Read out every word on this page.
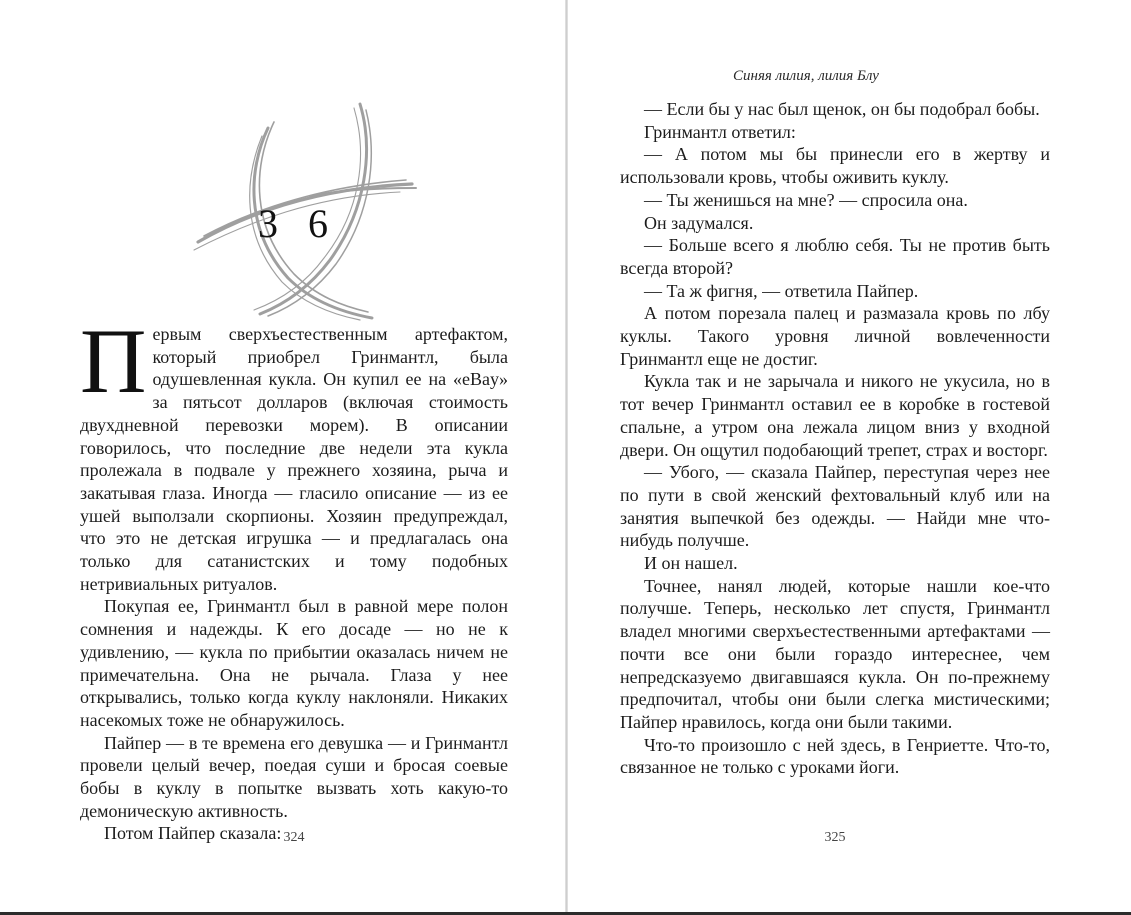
3 6

Первым сверхъестественным артефактом, который приобрел Гринмантл, была одушевленная кукла. Он купил ее на «eBay» за пятьсот долларов (включая стоимость двухдневной перевозки морем). В описании говорилось, что последние две недели эта кукла пролежала в подвале у прежнего хозяина, рыча и закатывая глаза. Иногда — гласило описание — из ее ушей выползали скорпионы. Хозяин предупреждал, что это не детская игрушка — и предлагалась она только для сатанистских и тому подобных нетривиальных ритуалов.

Покупая ее, Гринмантл был в равной мере полон сомнения и надежды. К его досаде — но не к удивлению, — кукла по прибытии оказалась ничем не примечательна. Она не рычала. Глаза у нее открывались, только когда куклу наклоняли. Никаких насекомых тоже не обнаружилось.

Пайпер — в те времена его девушка — и Гринмантл провели целый вечер, поедая суши и бросая соевые бобы в куклу в попытке вызвать хоть какую-то демоническую активность.

Потом Пайпер сказала: 324
Синяя лилия, лилия Блу

— Если бы у нас был щенок, он бы подобрал бобы.

Гринмантл ответил:

— А потом мы бы принесли его в жертву и использовали кровь, чтобы оживить куклу.

— Ты женишься на мне? — спросила она.

Он задумался.

— Больше всего я люблю себя. Ты не против быть всегда второй?

— Та ж фигня, — ответила Пайпер.

А потом порезала палец и размазала кровь по лбу куклы. Такого уровня личной вовлеченности Гринмантл еще не достиг.

Кукла так и не зарычала и никого не укусила, но в тот вечер Гринмантл оставил ее в коробке в гостевой спальне, а утром она лежала лицом вниз у входной двери. Он ощутил подобающий трепет, страх и восторг.

— Убого, — сказала Пайпер, переступая через нее по пути в свой женский фехтовальный клуб или на занятия выпечкой без одежды. — Найди мне что-нибудь получше.

И он нашел.

Точнее, нанял людей, которые нашли кое-что получше. Теперь, несколько лет спустя, Гринмантл владел многими сверхъестественными артефактами — почти все они были гораздо интереснее, чем непредсказуемо двигавшаяся кукла. Он по-прежнему предпочитал, чтобы они были слегка мистическими; Пайпер нравилось, когда они были такими.

Что-то произошло с ней здесь, в Генриетте. Что-то, связанное не только с уроками йоги.

325
